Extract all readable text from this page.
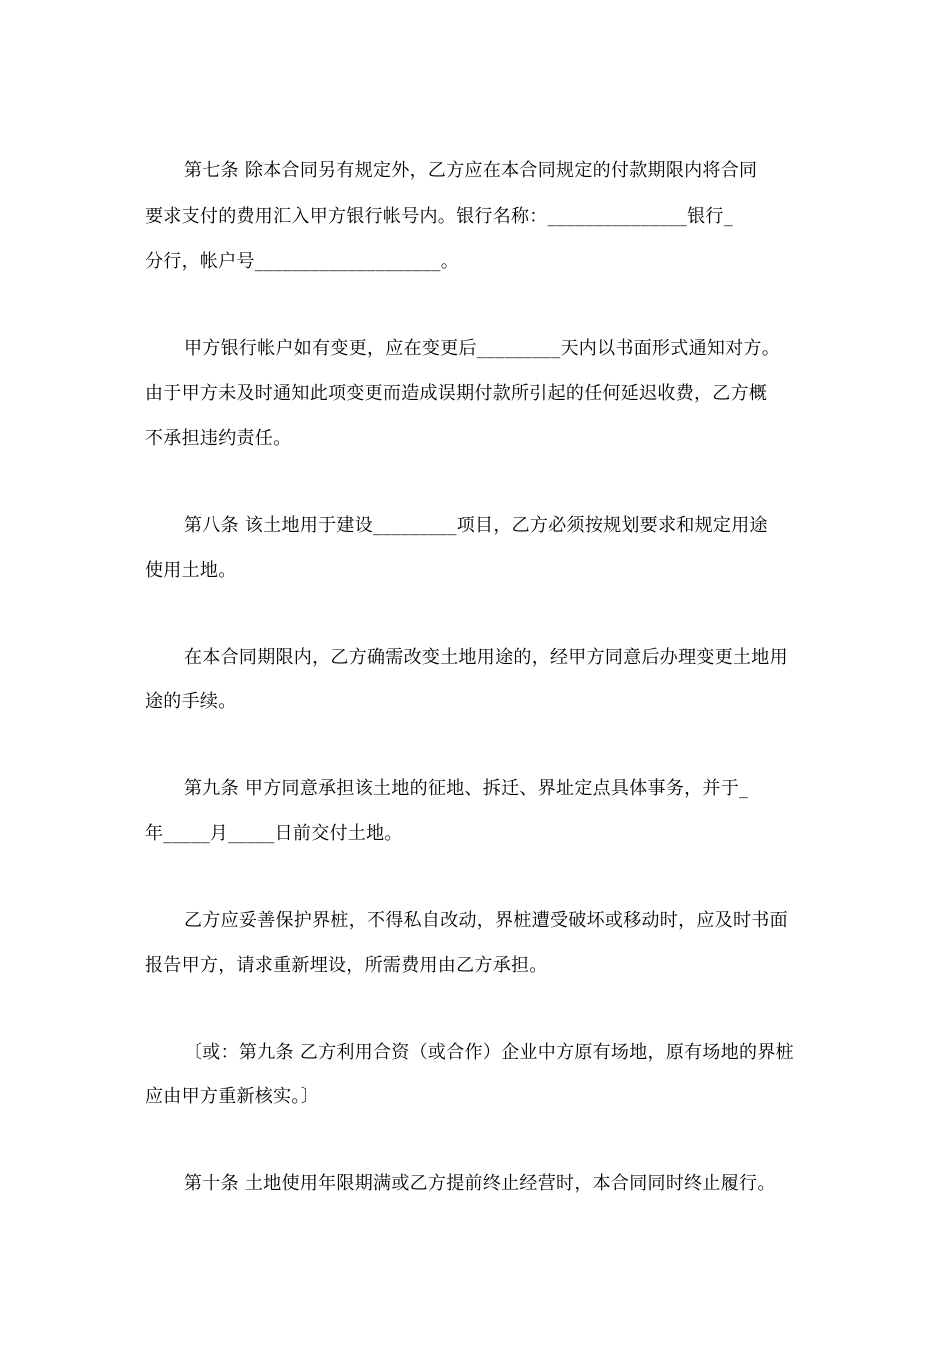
第七条 除本合同另有规定外，乙方应在本合同规定的付款期限内将合同
要求支付的费用汇入甲方银行帐号内。银行名称：_______________银行_
分行，帐户号____________________。
甲方银行帐户如有变更，应在变更后_________天内以书面形式通知对方。
由于甲方未及时通知此项变更而造成误期付款所引起的任何延迟收费，乙方概
不承担违约责任。
第八条 该土地用于建设_________项目，乙方必须按规划要求和规定用途
使用土地。
在本合同期限内，乙方确需改变土地用途的，经甲方同意后办理变更土地用
途的手续。
第九条 甲方同意承担该土地的征地、拆迁、界址定点具体事务，并于_
年_____月_____日前交付土地。
乙方应妥善保护界桩，不得私自改动，界桩遭受破坏或移动时，应及时书面
报告甲方，请求重新埋设，所需费用由乙方承担。
〔或：第九条 乙方利用合资（或合作）企业中方原有场地，原有场地的界桩
应由甲方重新核实。〕
第十条 土地使用年限期满或乙方提前终止经营时，本合同同时终止履行。
